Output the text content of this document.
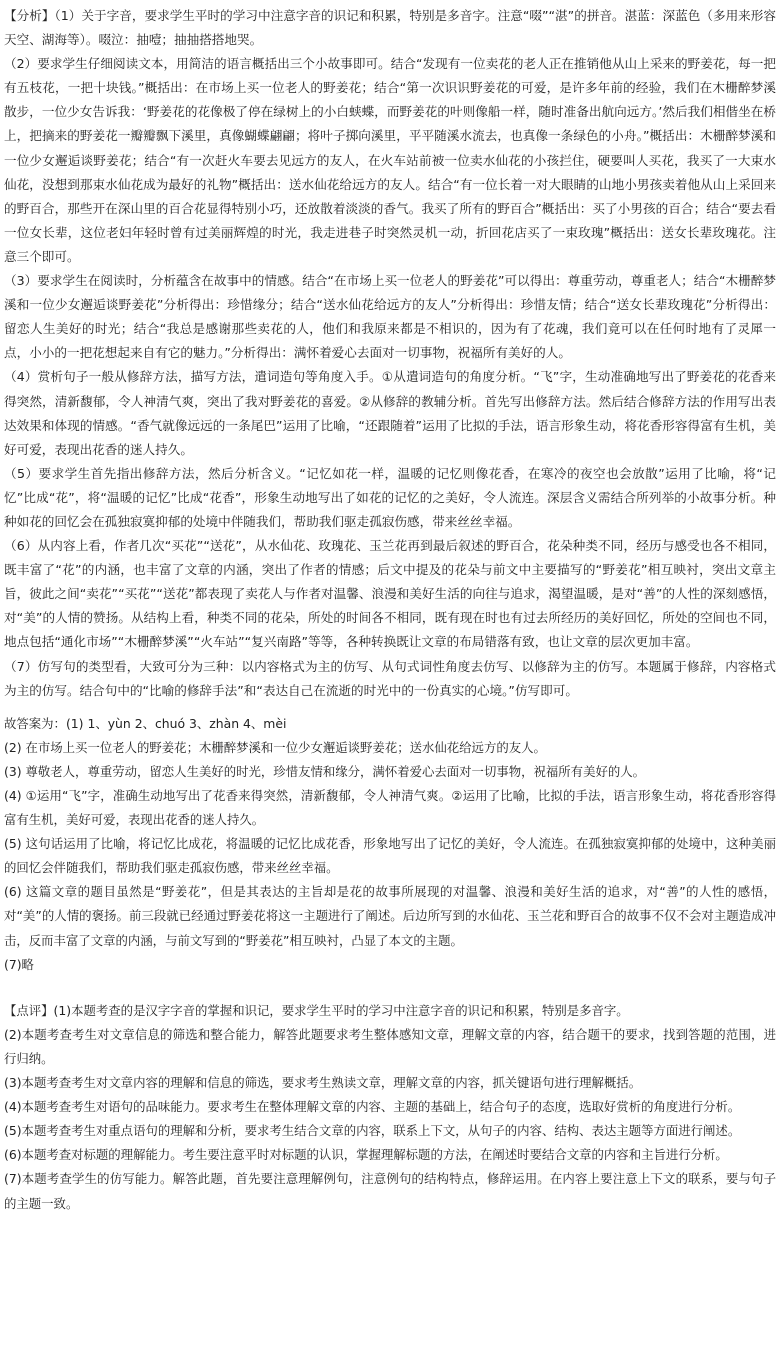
【分析】（1）关于字音，要求学生平时的学习中注意字音的识记和积累，特别是多音字。注意“啜”“湛”的拼音。湛蓝：深蓝色（多用来形容天空、湖海等）。啜泣：抽噎；抽抽搭搭地哭。

（2）要求学生仔细阅读文本，用简洁的语言概括出三个小故事即可。结合“发现有一位卖花的老人正在推销他从山上采来的野姜花，每一把有五枝花，一把十块钱。”概括出：在市场上买一位老人的野姜花；结合“第一次识识野姜花的可爱，是许多年前的经验，我们在木栅醉梦溪散步，一位少女告诉我：‘野姜花的花像极了停在绿树上的小白蛱蝶，而野姜花的叶则像船一样，随时准备出航向远方。’然后我们相偕坐在桥上，把摘来的野姜花一瓣瓣飘下溪里，真像蝴蝶翩翩；将叶子掷向溪里，平平随溪水流去，也真像一条绿色的小舟。”概括出：木栅醉梦溪和一位少女邂逅谈野姜花；结合“有一次赶火车要去见远方的友人，在火车站前被一位卖水仙花的小孩拦住，硬要叫人买花，我买了一大束水仙花，没想到那束水仙花成为最好的礼物”概括出：送水仙花给远方的友人。结合“有一位长着一对大眼睛的山地小男孩卖着他从山上采回来的野百合，那些开在深山里的百合花显得特别小巧，还放散着淡淡的香气。我买了所有的野百合”概括出：买了小男孩的百合；结合“要去看一位女长辈，这位老妇年轻时曾有过美丽辉煌的时光，我走进巷子时突然灵机一动，折回花店买了一束玫瑰”概括出：送女长辈玫瑰花。注意三个即可。

（3）要求学生在阅读时，分析蕴含在故事中的情感。结合“在市场上买一位老人的野姜花”可以得出：尊重劳动，尊重老人；结合“木栅醉梦溪和一位少女邂逅谈野姜花”分析得出：珍惜缘分；结合“送水仙花给远方的友人”分析得出：珍惜友情；结合“送女长辈玫瑰花”分析得出：留恋人生美好的时光；结合“我总是感谢那些卖花的人，他们和我原来都是不相识的，因为有了花魂，我们竟可以在任何时地有了灵犀一点，小小的一把花想起来自有它的魅力。”分析得出：满怀着爱心去面对一切事物，祝福所有美好的人。

（4）赏析句子一般从修辞方法，描写方法，遣词造句等角度入手。①从遣词造句的角度分析。“飞”字，生动准确地写出了野姜花的花香来得突然，清新馥郁，令人神清气爽，突出了我对野姜花的喜爱。②从修辞的教辅分析。首先写出修辞方法。然后结合修辞方法的作用写出表达效果和体现的情感。“香气就像远远的一条尾巴”运用了比喻，“还跟随着”运用了比拟的手法，语言形象生动，将花香形容得富有生机，美好可爱，表现出花香的迷人持久。

（5）要求学生首先指出修辞方法，然后分析含义。“记忆如花一样，温暖的记忆则像花香，在寒冷的夜空也会放散”运用了比喻，将“记忆”比成“花”，将“温暖的记忆”比成“花香”，形象生动地写出了如花的记忆的之美好，令人流连。深层含义需结合所列举的小故事分析。种种如花的回忆会在孤独寂寞抑郁的处境中伴随我们，帮助我们驱走孤寂伤感，带来丝丝幸福。

（6）从内容上看，作者几次“买花”“送花”，从水仙花、玫瑰花、玉兰花再到最后叙述的野百合，花朵种类不同，经历与感受也各不相同，既丰富了“花”的内涵，也丰富了文章的内涵，突出了作者的情感；后文中提及的花朵与前文中主要描写的“野姜花”相互映衬，突出文章主旨，彼此之间“卖花”“买花”“送花”都表现了卖花人与作者对温馨、浪漫和美好生活的向往与追求，渴望温暖，是对“善”的人性的深刻感悟，对“美”的人情的赞扬。从结构上看，种类不同的花朵，所处的时间各不相同，既有现在时也有过去所经历的美好回忆，所处的空间也不同，地点包括“通化市场”“木栅醉梦溪”“火车站”“复兴南路”等等，各种转换既让文章的布局错落有致，也让文章的层次更加丰富。

（7）仿写句的类型看，大致可分为三种：以内容格式为主的仿写、从句式词性角度去仿写、以修辞为主的仿写。本题属于修辞，内容格式为主的仿写。结合句中的“比喻的修辞手法”和“表达自己在流逝的时光中的一份真实的心境。”仿写即可。

故答案为：(1) 1、yùn 2、chuó 3、zhàn 4、mèi

(2) 在市场上买一位老人的野姜花；木栅醉梦溪和一位少女邂逅谈野姜花；送水仙花给远方的友人。

(3) 尊敬老人，尊重劳动，留恋人生美好的时光，珍惜友情和缘分，满怀着爱心去面对一切事物，祝福所有美好的人。

(4) ①运用“飞”字，准确生动地写出了花香来得突然，清新馥郁，令人神清气爽。②运用了比喻，比拟的手法，语言形象生动，将花香形容得富有生机，美好可爱，表现出花香的迷人持久。

(5) 这句话运用了比喻，将记忆比成花，将温暖的记忆比成花香，形象地写出了记忆的美好，令人流连。在孤独寂寞抑郁的处境中，这种美丽的回忆会伴随我们，帮助我们驱走孤寂伤感，带来丝丝幸福。

(6) 这篇文章的题目虽然是“野姜花”，但是其表达的主旨却是花的故事所展现的对温馨、浪漫和美好生活的追求，对“善”的人性的感悟，对“美”的人情的褒扬。前三段就已经通过野姜花将这一主题进行了阐述。后边所写到的水仙花、玉兰花和野百合的故事不仅不会对主题造成冲击，反而丰富了文章的内涵，与前文写到的“野姜花”相互映衬，凸显了本文的主题。

(7)略

【点评】(1)本题考查的是汉字字音的掌握和识记，要求学生平时的学习中注意字音的识记和积累，特别是多音字。

(2)本题考查考生对文章信息的筛选和整合能力，解答此题要求考生整体感知文章，理解文章的内容，结合题干的要求，找到答题的范围，进行归纳。

(3)本题考查考生对文章内容的理解和信息的筛选，要求考生熟读文章，理解文章的内容，抓关键语句进行理解概括。

(4)本题考查考生对语句的品味能力。要求考生在整体理解文章的内容、主题的基础上，结合句子的态度，选取好赏析的角度进行分析。

(5)本题考查考生对重点语句的理解和分析，要求考生结合文章的内容，联系上下文，从句子的内容、结构、表达主题等方面进行阐述。

(6)本题考查对标题的理解能力。考生要注意平时对标题的认识，掌握理解标题的方法，在阐述时要结合文章的内容和主旨进行分析。

(7)本题考查学生的仿写能力。解答此题，首先要注意理解例句，注意例句的结构特点，修辞运用。在内容上要注意上下文的联系，要与句子的主题一致。
